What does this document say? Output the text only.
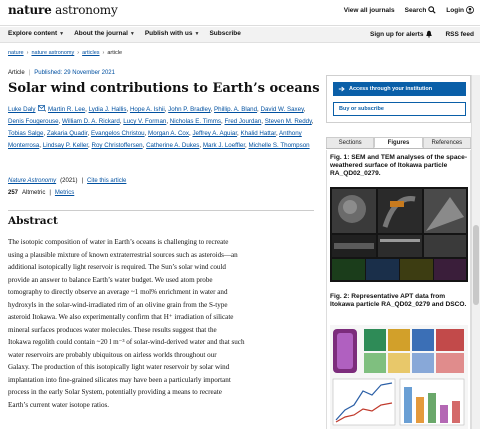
nature astronomy	View all journals Search	Login
Explore content ▼ About the journal ▼ Publish with us ▼ Subscribe	Sign up for alerts	RSS feed
nature › nature astronomy › articles › article
Article | Published: 29 November 2021
Solar wind contributions to Earth’s oceans
Luke Daly , Martin R. Lee, Lydia J. Hallis, Hope A. Ishii, John P. Bradley, Phillip. A. Bland, David W. Saxey, Denis Fougerouse, William D. A. Rickard, Lucy V. Forman, Nicholas E. Timms, Fred Jourdan, Steven M. Reddy, Tobias Salge, Zakaria Quadir, Evangelos Christou, Morgan A. Cox, Jeffrey A. Aguiar, Khalid Hattar, Anthony Monterrosa, Lindsay P. Keller, Roy Christoffersen, Catherine A. Dukes, Mark J. Loeffler, Michelle S. Thompson
Nature Astronomy (2021) | Cite this article
257 Altmetric | Metrics
Abstract

The isotopic composition of water in Earth’s oceans is challenging to recreate

using a plausible mixture of known extraterrestrial sources such as asteroids—an

additional isotopically light reservoir is required. The Sun’s solar wind could

provide an answer to balance Earth’s water budget. We used atom probe

tomography to directly observe an average ~1 mol% enrichment in water and

hydroxyls in the solar-wind-irradiated rim of an olivine grain from the S-type

asteroid Itokawa. We also experimentally confirm that H⁺ irradiation of silicate

mineral surfaces produces water molecules. These results suggest that the

Itokawa regolith could contain ~20 l m⁻³ of solar-wind-derived water and that such

water reservoirs are probably ubiquitous on airless worlds throughout our

Galaxy. The production of this isotopically light water reservoir by solar wind

implantation into fine-grained silicates may have been a particularly important

process in the early Solar System, potentially providing a means to recreate

Earth’s current water isotope ratios.

Access through your institution
Buy or subscribe
Sections	Figures	References
Fig. 1: SEM and TEM analyses of the space-weathered surface of Itokawa particle RA_QD02_0279.
Fig. 2: Representative APT data from Itokawa particle RA_QD02_0279 and DSCO.
